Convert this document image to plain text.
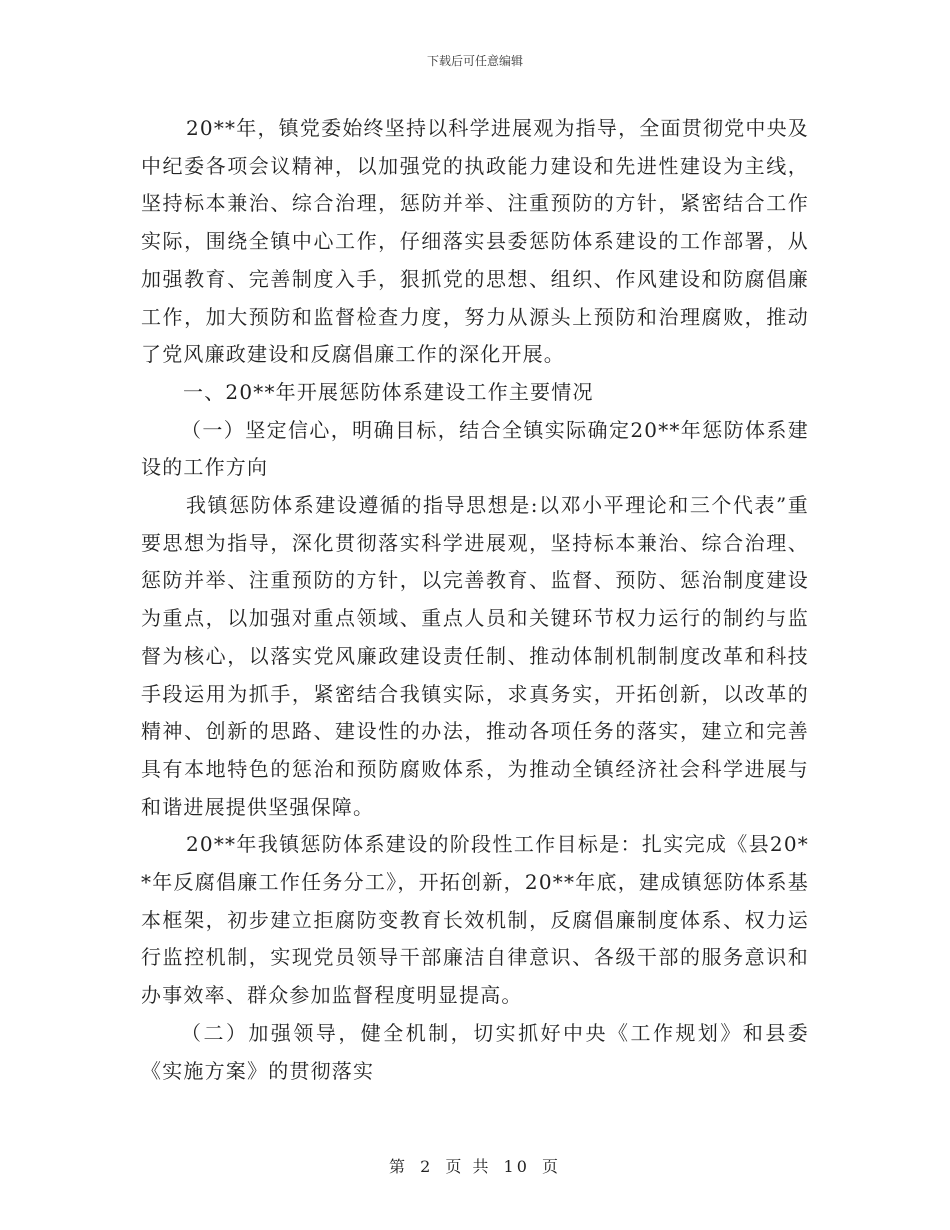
下载后可任意编辑

20**年，镇党委始终坚持以科学进展观为指导，全面贯彻党中央及中纪委各项会议精神，以加强党的执政能力建设和先进性建设为主线，坚持标本兼治、综合治理，惩防并举、注重预防的方针，紧密结合工作实际，围绕全镇中心工作，仔细落实县委惩防体系建设的工作部署，从加强教育、完善制度入手，狠抓党的思想、组织、作风建设和防腐倡廉工作，加大预防和监督检查力度，努力从源头上预防和治理腐败，推动了党风廉政建设和反腐倡廉工作的深化开展。

一、20**年开展惩防体系建设工作主要情况

（一）坚定信心，明确目标，结合全镇实际确定20**年惩防体系建设的工作方向

我镇惩防体系建设遵循的指导思想是:以邓小平理论和三个代表”重要思想为指导，深化贯彻落实科学进展观，坚持标本兼治、综合治理、惩防并举、注重预防的方针，以完善教育、监督、预防、惩治制度建设为重点，以加强对重点领域、重点人员和关键环节权力运行的制约与监督为核心，以落实党风廉政建设责任制、推动体制机制制度改革和科技手段运用为抓手，紧密结合我镇实际，求真务实，开拓创新，以改革的精神、创新的思路、建设性的办法，推动各项任务的落实，建立和完善具有本地特色的惩治和预防腐败体系，为推动全镇经济社会科学进展与和谐进展提供坚强保障。

20**年我镇惩防体系建设的阶段性工作目标是：扎实完成《县20**年反腐倡廉工作任务分工》，开拓创新，20**年底，建成镇惩防体系基本框架，初步建立拒腐防变教育长效机制，反腐倡廉制度体系、权力运行监控机制，实现党员领导干部廉洁自律意识、各级干部的服务意识和办事效率、群众参加监督程度明显提高。

（二）加强领导，健全机制，切实抓好中央《工作规划》和县委《实施方案》的贯彻落实

第 2 页 共 10 页
